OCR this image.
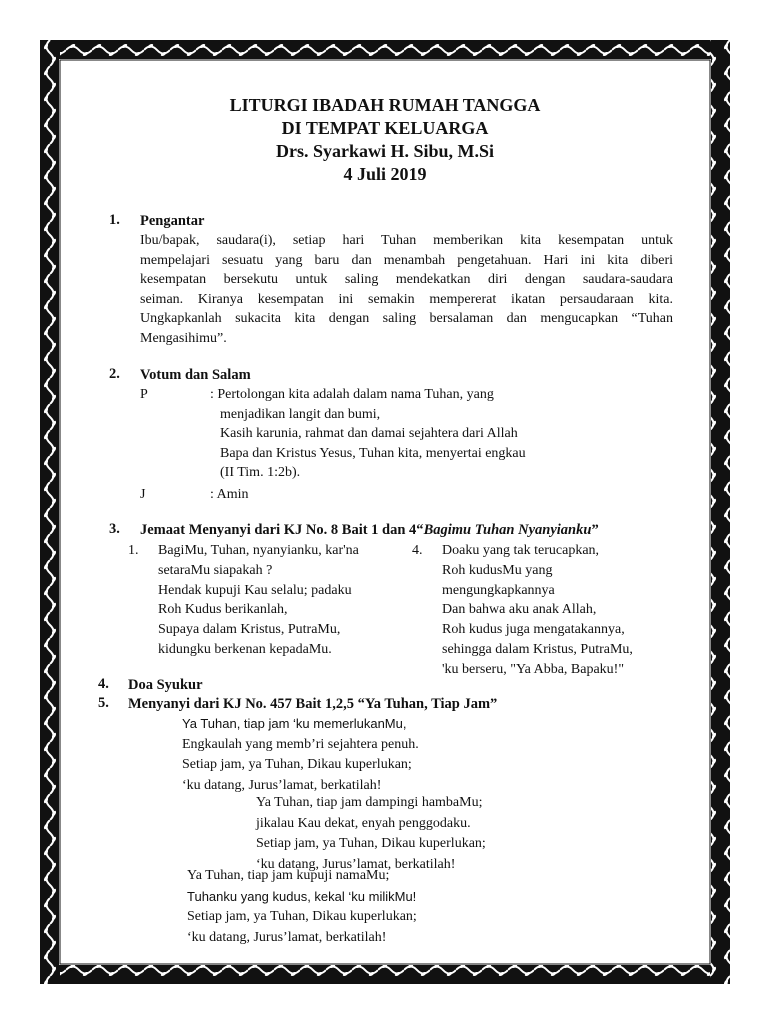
LITURGI IBADAH RUMAH TANGGA
DI TEMPAT KELUARGA
Drs. Syarkawi H. Sibu, M.Si
4 Juli 2019
1. Pengantar
Ibu/bapak, saudara(i), setiap hari Tuhan memberikan kita kesempatan untuk
mempelajari sesuatu yang baru dan menambah pengetahuan. Hari ini kita diberi
kesempatan bersekutu untuk saling mendekatkan diri dengan saudara-saudara
seiman. Kiranya kesempatan ini semakin mempererat ikatan persaudaraan kita.
Ungkapkanlah sukacita kita dengan saling bersalaman dan mengucapkan “Tuhan
Mengasihimu”.
2. Votum dan Salam
P	: Pertolongan kita adalah dalam nama Tuhan, yang
menjadikan langit dan bumi,
Kasih karunia, rahmat dan damai sejahtera dari Allah
Bapa dan Kristus Yesus, Tuhan kita, menyertai engkau
(II Tim. 1:2b).
J	: Amin
3. Jemaat Menyanyi dari KJ No. 8 Bait 1 dan 4“Bagimu Tuhan Nyanyianku”
1. BagiMu, Tuhan, nyanyianku, kar'na
setaraMu siapakah ?
Hendak kupuji Kau selalu; padaku
Roh Kudus berikanlah,
Supaya dalam Kristus, PutraMu,
kidungku berkenan kepadaMu.
4. Doaku yang tak terucapkan,
Roh kudusMu yang
mengungkapkannya
Dan bahwa aku anak Allah,
Roh kudus juga mengatakannya,
sehingga dalam Kristus, PutraMu,
'ku berseru, "Ya Abba, Bapaku!"
4. Doa Syukur
5. Menyanyi dari KJ No. 457 Bait 1,2,5 “Ya Tuhan, Tiap Jam”
Ya Tuhan, tiap jam ‘ku memerlukanMu,
Engkaulah yang memb’ri sejahtera penuh.
Setiap jam, ya Tuhan, Dikau kuperlukan;
‘ku datang, Jurus’lamat, berkatilah!
Ya Tuhan, tiap jam dampingi hambaMu;
jikalau Kau dekat, enyah penggodaku.
Setiap jam, ya Tuhan, Dikau kuperlukan;
‘ku datang, Jurus’lamat, berkatilah!
Ya Tuhan, tiap jam kupuji namaMu;
Tuhanku yang kudus, kekal ‘ku milikMu!
Setiap jam, ya Tuhan, Dikau kuperlukan;
‘ku datang, Jurus’lamat, berkatilah!
